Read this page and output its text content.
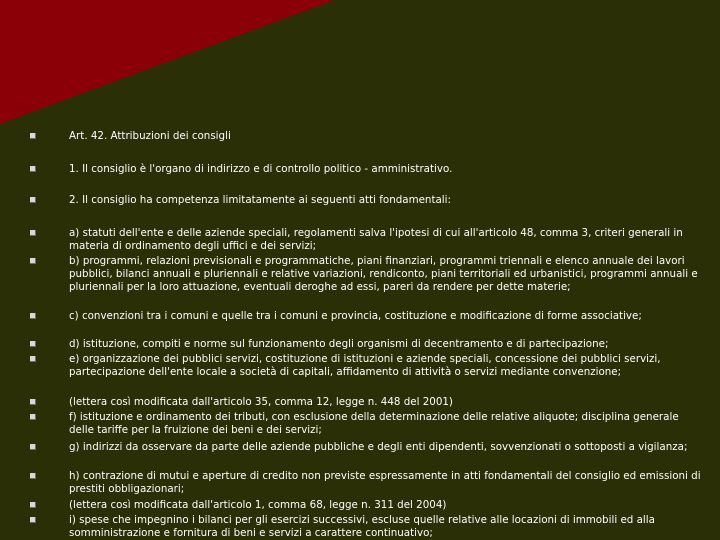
Art. 42. Attribuzioni dei consigli
1. Il consiglio è l'organo di indirizzo e di controllo politico - amministrativo.
2. Il consiglio ha competenza limitatamente ai seguenti atti fondamentali:
a) statuti dell'ente e delle aziende speciali, regolamenti salva l'ipotesi di cui all'articolo 48, comma 3, criteri generali in materia di ordinamento degli uffici e dei servizi;
b) programmi, relazioni previsionali e programmatiche, piani finanziari, programmi triennali e elenco annuale dei lavori pubblici, bilanci annuali e pluriennali e relative variazioni, rendiconto, piani territoriali ed urbanistici, programmi annuali e pluriennali per la loro attuazione, eventuali deroghe ad essi, pareri da rendere per dette materie;
c) convenzioni tra i comuni e quelle tra i comuni e provincia, costituzione e modificazione di forme associative;
d) istituzione, compiti e norme sul funzionamento degli organismi di decentramento e di partecipazione;
e) organizzazione dei pubblici servizi, costituzione di istituzioni e aziende speciali, concessione dei pubblici servizi, partecipazione dell'ente locale a società di capitali, affidamento di attività o servizi mediante convenzione;
(lettera così modificata dall'articolo 35, comma 12, legge n. 448 del 2001)
f) istituzione e ordinamento dei tributi, con esclusione della determinazione delle relative aliquote; disciplina generale delle tariffe per la fruizione dei beni e dei servizi;
g) indirizzi da osservare da parte delle aziende pubbliche e degli enti dipendenti, sovvenzionati o sottoposti a vigilanza;
h) contrazione di mutui e aperture di credito non previste espressamente in atti fondamentali del consiglio ed emissioni di prestiti obbligazionari;
(lettera così modificata dall'articolo 1, comma 68, legge n. 311 del 2004)
i) spese che impegnino i bilanci per gli esercizi successivi, escluse quelle relative alle locazioni di immobili ed alla somministrazione e fornitura di beni e servizi a carattere continuativo;
